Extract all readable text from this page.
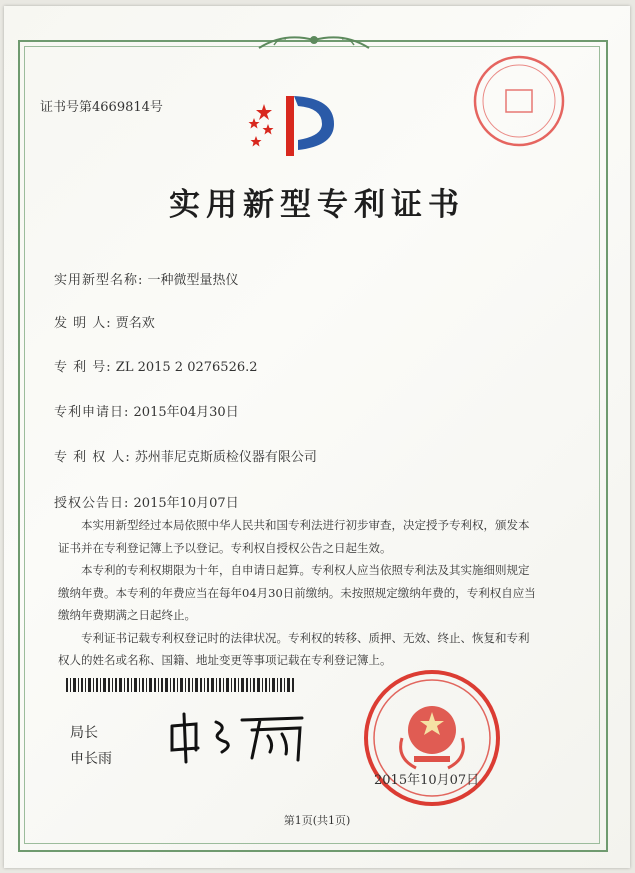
证书号第4669814号
实用新型专利证书
实用新型名称: 一种微型量热仪
发 明 人: 贾名欢
专 利 号: ZL 2015 2 0276526.2
专利申请日: 2015年04月30日
专 利 权 人: 苏州菲尼克斯质检仪器有限公司
授权公告日: 2015年10月07日

本实用新型经过本局依照中华人民共和国专利法进行初步审查，决定授予专利权，颁发本证书并在专利登记簿上予以登记。专利权自授权公告之日起生效。

本专利的专利权期限为十年，自申请日起算。专利权人应当依照专利法及其实施细则规定缴纳年费。本专利的年费应当在每年04月30日前缴纳。未按照规定缴纳年费的，专利权自应当缴纳年费期满之日起终止。

专利证书记载专利权登记时的法律状况。专利权的转移、质押、无效、终止、恢复和专利权人的姓名或名称、国籍、地址变更等事项记载在专利登记簿上。

局长
申长雨
2015年10月07日
第1页(共1页)
